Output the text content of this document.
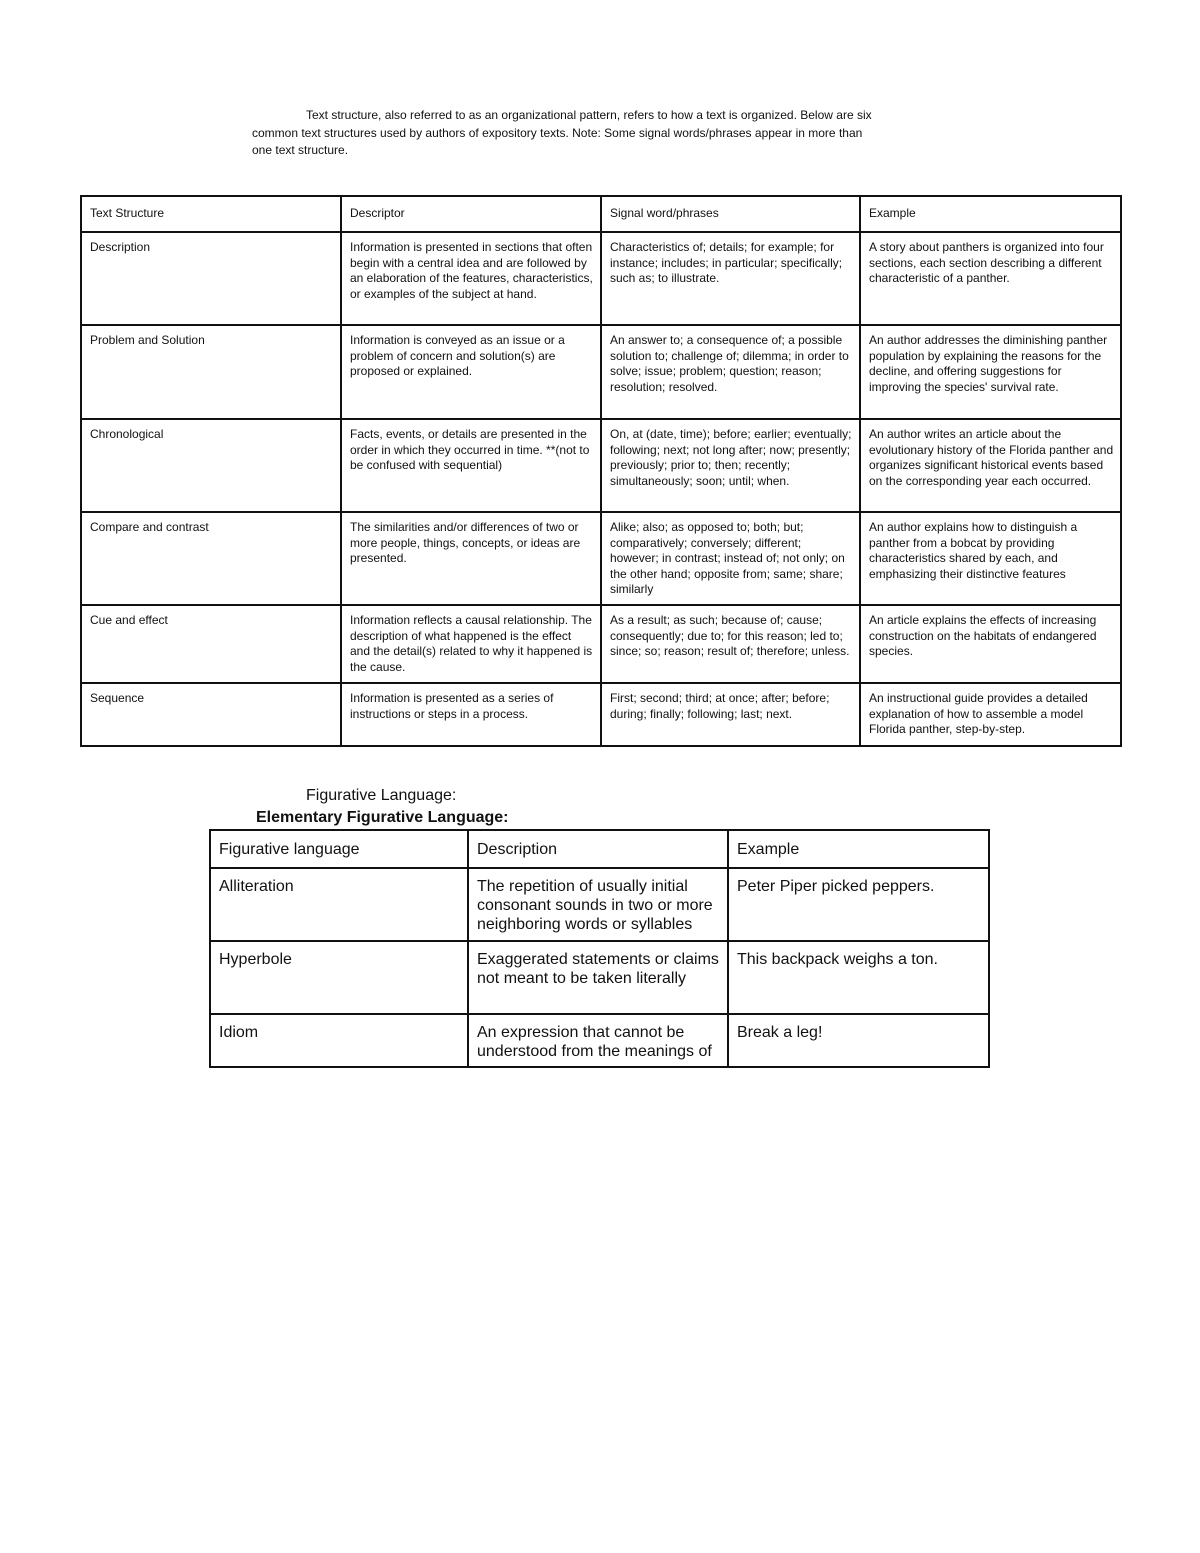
Text structure, also referred to as an organizational pattern, refers to how a text is organized. Below are six
common text structures used by authors of expository texts. Note: Some signal words/phrases appear in more than
one text structure.

Text Structure	Descriptor	Signal word/phrases	Example
Description	Information is presented in sections that often begin with a central idea and are followed by an elaboration of the features, characteristics, or examples of the subject at hand.	Characteristics of; details; for example; for instance; includes; in particular; specifically; such as; to illustrate.	A story about panthers is organized into four sections, each section describing a different characteristic of a panther.
Problem and Solution	Information is conveyed as an issue or a problem of concern and solution(s) are proposed or explained.	An answer to; a consequence of; a possible solution to; challenge of; dilemma; in order to solve; issue; problem; question; reason; resolution; resolved.	An author addresses the diminishing panther population by explaining the reasons for the decline, and offering suggestions for improving the species' survival rate.
Chronological	Facts, events, or details are presented in the order in which they occurred in time. **(not to be confused with sequential)	On, at (date, time); before; earlier; eventually; following; next; not long after; now; presently; previously; prior to; then; recently; simultaneously; soon; until; when.	An author writes an article about the evolutionary history of the Florida panther and organizes significant historical events based on the corresponding year each occurred.
Compare and contrast	The similarities and/or differences of two or more people, things, concepts, or ideas are presented.	Alike; also; as opposed to; both; but; comparatively; conversely; different; however; in contrast; instead of; not only; on the other hand; opposite from; same; share; similarly	An author explains how to distinguish a panther from a bobcat by providing characteristics shared by each, and emphasizing their distinctive features
Cue and effect	Information reflects a causal relationship. The description of what happened is the effect and the detail(s) related to why it happened is the cause.	As a result; as such; because of; cause; consequently; due to; for this reason; led to; since; so; reason; result of; therefore; unless.	An article explains the effects of increasing construction on the habitats of endangered species.
Sequence	Information is presented as a series of instructions or steps in a process.	First; second; third; at once; after; before; during; finally; following; last; next.	An instructional guide provides a detailed explanation of how to assemble a model Florida panther, step-by-step.

Figurative Language:

Elementary Figurative Language:

Figurative language	Description	Example
Alliteration	The repetition of usually initial consonant sounds in two or more neighboring words or syllables	Peter Piper picked peppers.
Hyperbole	Exaggerated statements or claims not meant to be taken literally	This backpack weighs a ton.
Idiom	An expression that cannot be understood from the meanings of	Break a leg!
